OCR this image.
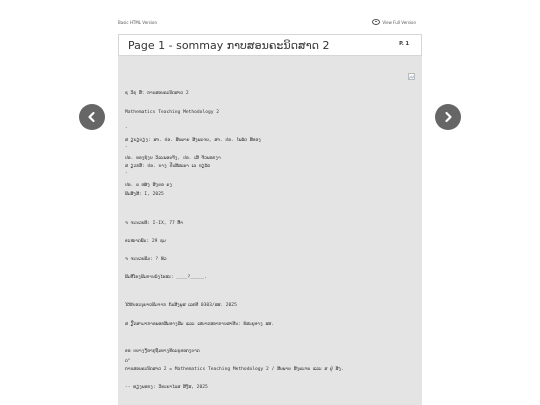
Basic HTML Version	View Full Version
Page 1 - sommay ກາບສອນຄະນິດສາດ 2	P. 1
ຊ ວິຊ ສື: ການສອນຄະນິດສາດ 2
Mathematics Teaching Methodology 2
-
ສ ຽນຽບຽງ: ສຈ. ປອ. ສີນພາຍ ສີງພະຈນ, ສຈ. ປອ. ໄພລັດ ສີທອງ
-
ປອ. ທອງຊົງນ ວິລະພອນຈີງ, ປອ. ເສີ ຈີວພອກງາ
ສ ຽວກສຶ: ປອ. ບາງ ປີນສີສະພາ ເລ ທຽລັດ
-
ປອ. ຄ ຫສ໌ງ ສີງຍອ ຄງ
ພີມສີງສີ: I, 2025
ຈ ຈະນວນຫິ: I-IX, 77 ຫິ້າ
ຂະໜາດພີມ: 29 ຊມ
ຈ ຈະນວນພີມ: ? ຫົວ
ພີມທີ່ໂຮງພີມການລົງໄຮສະ: ____?_____.
ໄດ້ຮັບອະນຸຍາດພີມຈາກ ກົມສີງພູສ ເລກທີ 0303/ສສ. 2025
ສ ຽີດສາມາກາອພອກສີມທາງສິມ ແລະ ເສນາດສອາການສາທີນ: ທົສະຍຸທາງ ສສ.
ຂອ ບຍາງງີ່ອາກຸຖືມທາງທີຄະຍຸທອກງບາດ
ດ"
ການສອນຄະນິດສາດ 2 = Mathematics Teaching Methodology 2 / ສີນພາຍ ສີງພະຈນ ແລະ ສ ຢູ່ ສີງ.
-- ຫຽງພອກງ: ວິທະຍາໄລສ ສີງີສ, 2025
